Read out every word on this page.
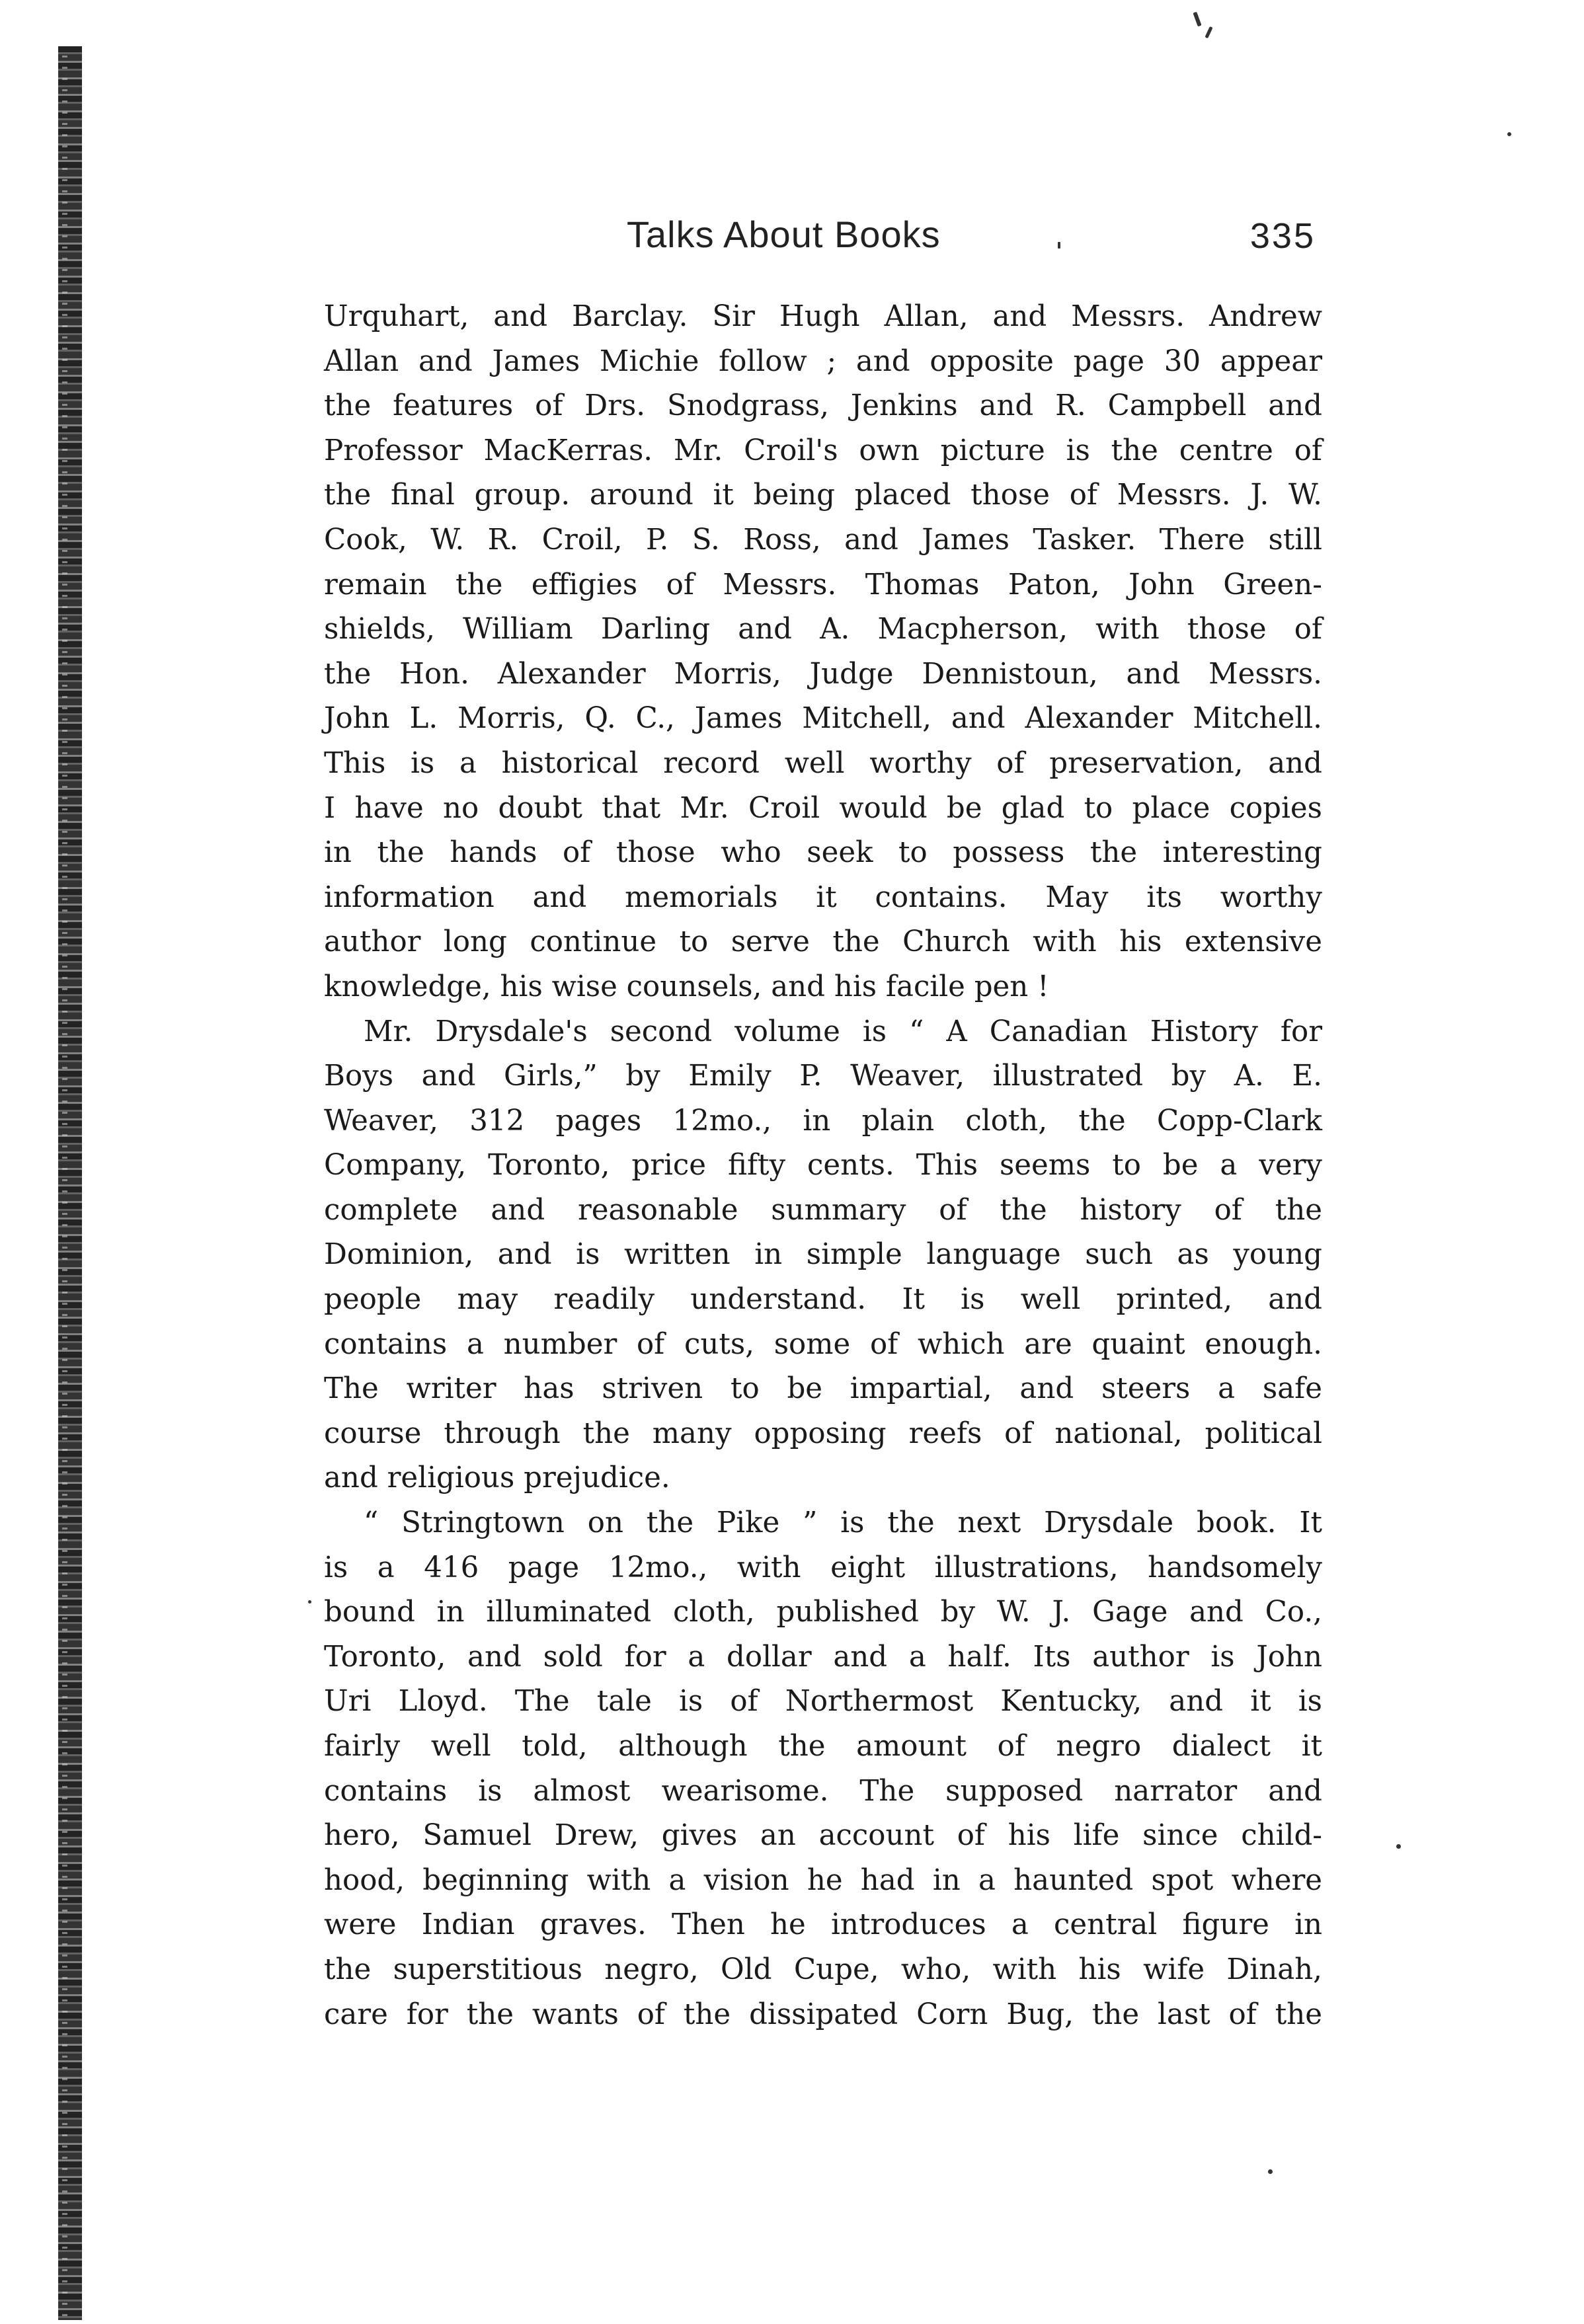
Talks About Books	335
Urquhart, and Barclay. Sir Hugh Allan, and Messrs. Andrew
Allan and James Michie follow ; and opposite page 30 appear
the features of Drs. Snodgrass, Jenkins and R. Campbell and
Professor MacKerras. Mr. Croil's own picture is the centre of
the final group. around it being placed those of Messrs. J. W.
Cook, W. R. Croil, P. S. Ross, and James Tasker. There still
remain the effigies of Messrs. Thomas Paton, John Green-
shields, William Darling and A. Macpherson, with those of
the Hon. Alexander Morris, Judge Dennistoun, and Messrs.
John L. Morris, Q. C., James Mitchell, and Alexander Mitchell.
This is a historical record well worthy of preservation, and
I have no doubt that Mr. Croil would be glad to place copies
in the hands of those who seek to possess the interesting
information and memorials it contains. May its worthy
author long continue to serve the Church with his extensive
knowledge, his wise counsels, and his facile pen !
Mr. Drysdale's second volume is “ A Canadian History for
Boys and Girls,” by Emily P. Weaver, illustrated by A. E.
Weaver, 312 pages 12mo., in plain cloth, the Copp-Clark
Company, Toronto, price fifty cents. This seems to be a very
complete and reasonable summary of the history of the
Dominion, and is written in simple language such as young
people may readily understand. It is well printed, and
contains a number of cuts, some of which are quaint enough.
The writer has striven to be impartial, and steers a safe
course through the many opposing reefs of national, political
and religious prejudice.
“ Stringtown on the Pike ” is the next Drysdale book. It
is a 416 page 12mo., with eight illustrations, handsomely
bound in illuminated cloth, published by W. J. Gage and Co.,
Toronto, and sold for a dollar and a half. Its author is John
Uri Lloyd. The tale is of Northermost Kentucky, and it is
fairly well told, although the amount of negro dialect it
contains is almost wearisome. The supposed narrator and
hero, Samuel Drew, gives an account of his life since child-
hood, beginning with a vision he had in a haunted spot where
were Indian graves. Then he introduces a central figure in
the superstitious negro, Old Cupe, who, with his wife Dinah,
care for the wants of the dissipated Corn Bug, the last of the
